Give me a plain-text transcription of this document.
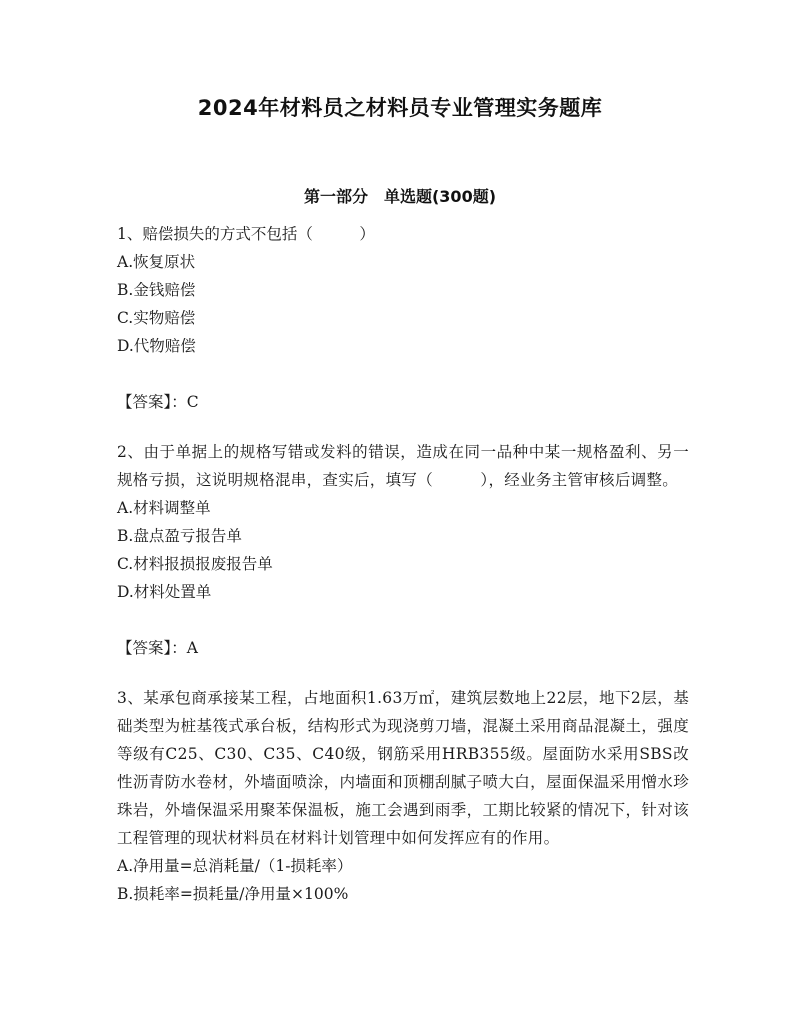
2024年材料员之材料员专业管理实务题库
第一部分　单选题(300题)
1、赔偿损失的方式不包括（　　　）
A.恢复原状
B.金钱赔偿
C.实物赔偿
D.代物赔偿
【答案】：C
2、由于单据上的规格写错或发料的错误，造成在同一品种中某一规格盈利、另一规格亏损，这说明规格混串，查实后，填写（　　　），经业务主管审核后调整。
A.材料调整单
B.盘点盈亏报告单
C.材料报损报废报告单
D.材料处置单
【答案】：A
3、某承包商承接某工程，占地面积1.63万㎡，建筑层数地上22层，地下2层，基础类型为桩基筏式承台板，结构形式为现浇剪刀墙，混凝土采用商品混凝土，强度等级有C25、C30、C35、C40级，钢筋采用HRB355级。屋面防水采用SBS改性沥青防水卷材，外墙面喷涂，内墙面和顶棚刮腻子喷大白，屋面保温采用憎水珍珠岩，外墙保温采用聚苯保温板，施工会遇到雨季，工期比较紧的情况下，针对该工程管理的现状材料员在材料计划管理中如何发挥应有的作用。
A.净用量=总消耗量/（1-损耗率）
B.损耗率=损耗量/净用量×100%
